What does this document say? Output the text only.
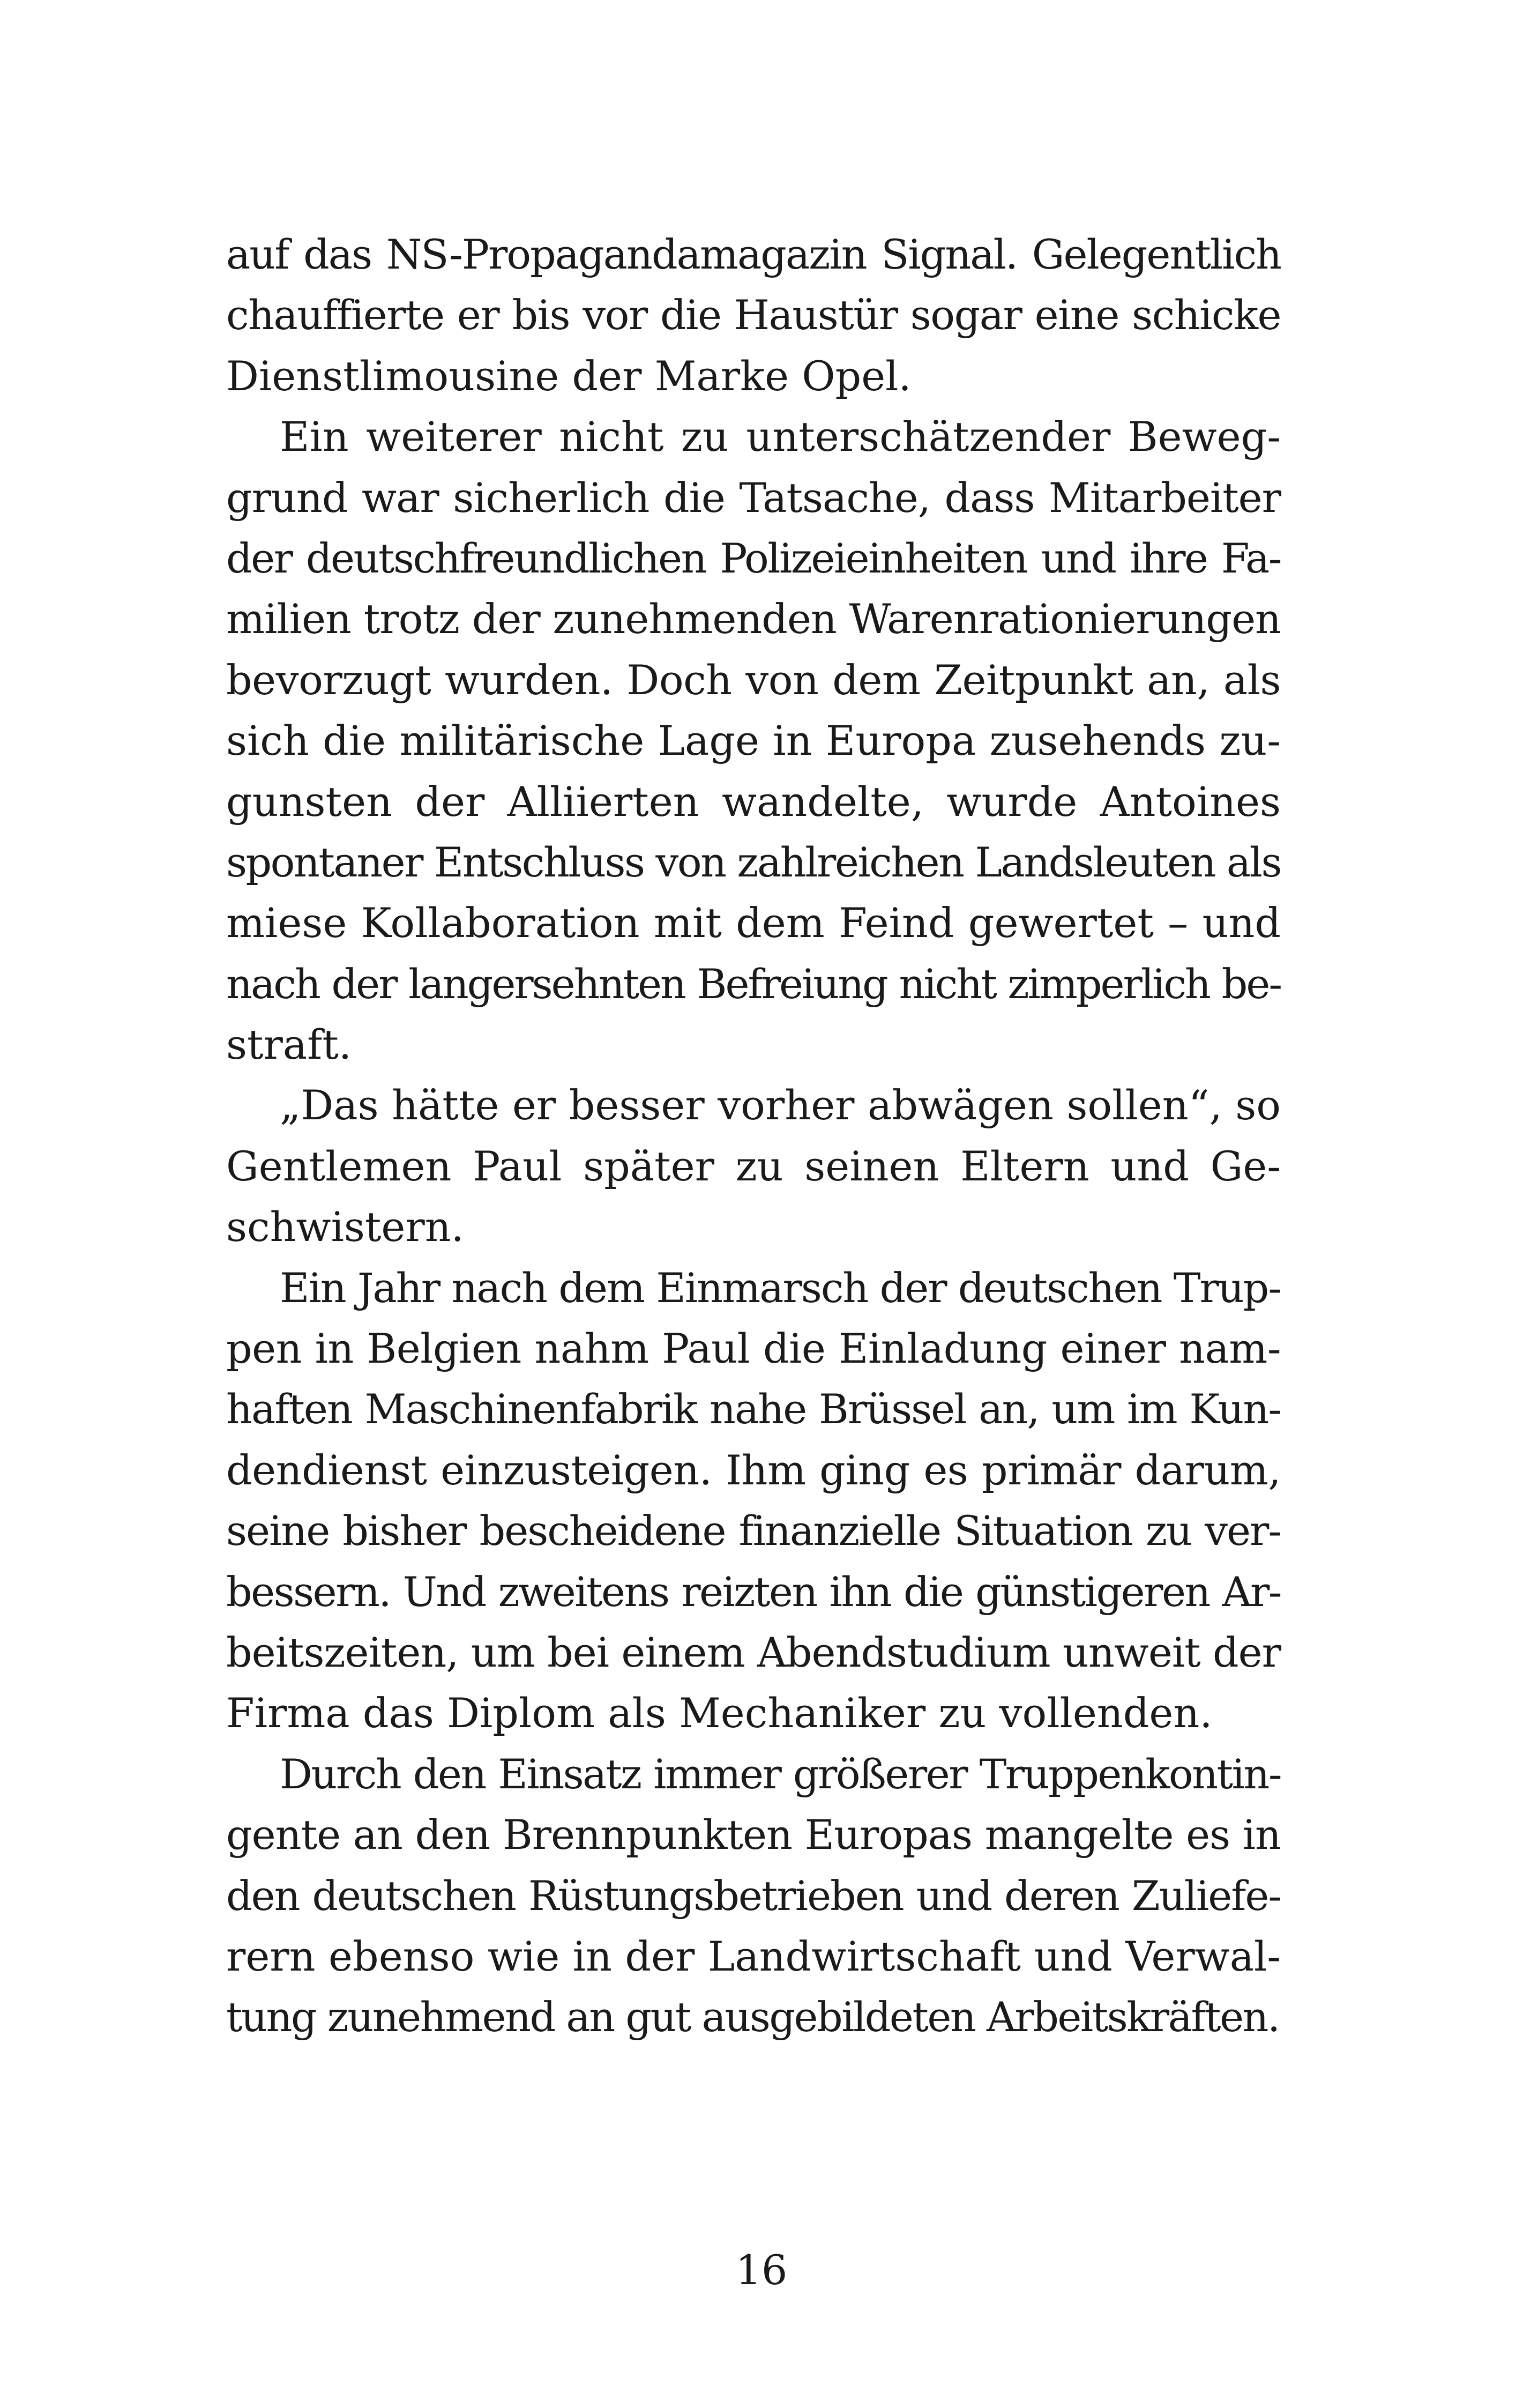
auf das NS-Propagandamagazin Signal. Gelegentlich
chauffierte er bis vor die Haustür sogar eine schicke
Dienstlimousine der Marke Opel.
Ein weiterer nicht zu unterschätzender Beweg-
grund war sicherlich die Tatsache, dass Mitarbeiter
der deutschfreundlichen Polizeieinheiten und ihre Fa-
milien trotz der zunehmenden Warenrationierungen
bevorzugt wurden. Doch von dem Zeitpunkt an, als
sich die militärische Lage in Europa zusehends zu-
gunsten der Alliierten wandelte, wurde Antoines
spontaner Entschluss von zahlreichen Landsleuten als
miese Kollaboration mit dem Feind gewertet – und
nach der langersehnten Befreiung nicht zimperlich be-
straft.
„Das hätte er besser vorher abwägen sollen“, so
Gentlemen Paul später zu seinen Eltern und Ge-
schwistern.
Ein Jahr nach dem Einmarsch der deutschen Trup-
pen in Belgien nahm Paul die Einladung einer nam-
haften Maschinenfabrik nahe Brüssel an, um im Kun-
dendienst einzusteigen. Ihm ging es primär darum,
seine bisher bescheidene finanzielle Situation zu ver-
bessern. Und zweitens reizten ihn die günstigeren Ar-
beitszeiten, um bei einem Abendstudium unweit der
Firma das Diplom als Mechaniker zu vollenden.
Durch den Einsatz immer größerer Truppenkontin-
gente an den Brennpunkten Europas mangelte es in
den deutschen Rüstungsbetrieben und deren Zuliefe-
rern ebenso wie in der Landwirtschaft und Verwal-
tung zunehmend an gut ausgebildeten Arbeitskräften.
16
